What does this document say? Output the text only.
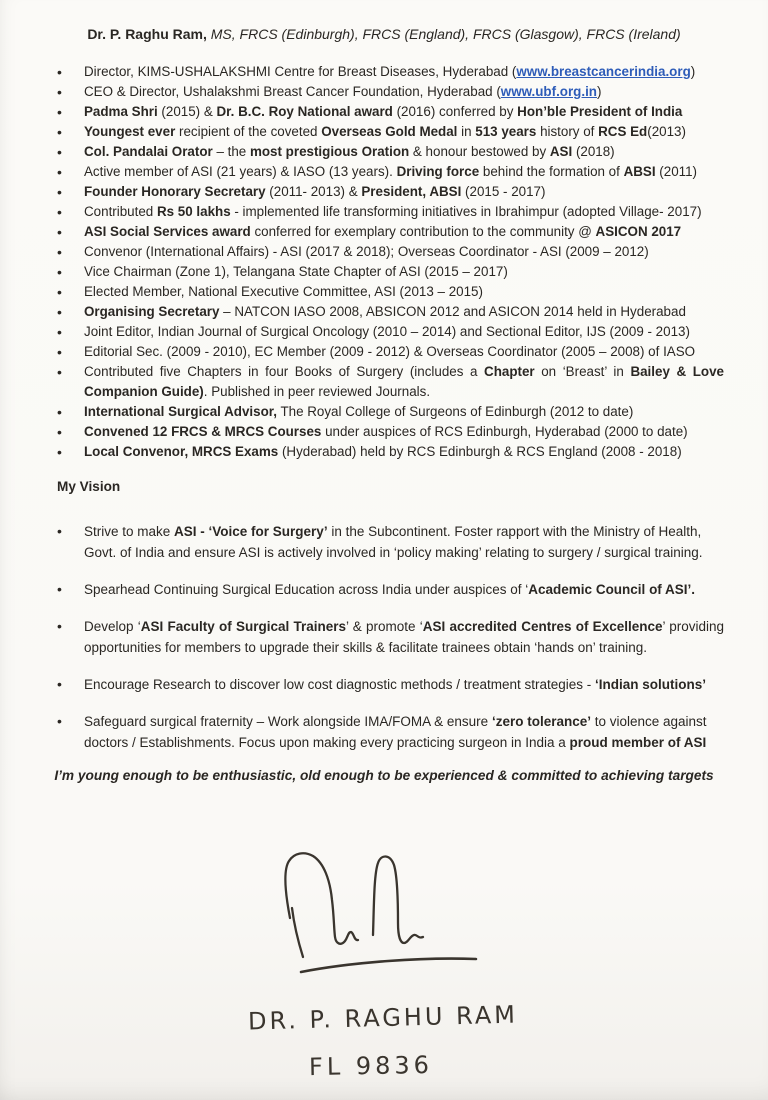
Dr. P. Raghu Ram, MS, FRCS (Edinburgh), FRCS (England), FRCS (Glasgow), FRCS (Ireland)
•	Director, KIMS-USHALAKSHMI Centre for Breast Diseases, Hyderabad (www.breastcancerindia.org)
•	CEO & Director, Ushalakshmi Breast Cancer Foundation, Hyderabad (www.ubf.org.in)
•	Padma Shri (2015) & Dr. B.C. Roy National award (2016) conferred by Hon’ble President of India
•	Youngest ever recipient of the coveted Overseas Gold Medal in 513 years history of RCS Ed(2013)
•	Col. Pandalai Orator – the most prestigious Oration & honour bestowed by ASI (2018)
•	Active member of ASI (21 years) & IASO (13 years). Driving force behind the formation of ABSI (2011)
•	Founder Honorary Secretary (2011- 2013) & President, ABSI (2015 - 2017)
•	Contributed Rs 50 lakhs - implemented life transforming initiatives in Ibrahimpur (adopted Village- 2017)
•	ASI Social Services award conferred for exemplary contribution to the community @ ASICON 2017
•	Convenor (International Affairs) - ASI (2017 & 2018); Overseas Coordinator - ASI (2009 – 2012)
•	Vice Chairman (Zone 1), Telangana State Chapter of ASI (2015 – 2017)
•	Elected Member, National Executive Committee, ASI (2013 – 2015)
•	Organising Secretary – NATCON IASO 2008, ABSICON 2012 and ASICON 2014 held in Hyderabad
•	Joint Editor, Indian Journal of Surgical Oncology (2010 – 2014) and Sectional Editor, IJS (2009 - 2013)
•	Editorial Sec. (2009 - 2010), EC Member (2009 - 2012) & Overseas Coordinator (2005 – 2008) of IASO
•	Contributed five Chapters in four Books of Surgery (includes a Chapter on ‘Breast’ in Bailey & Love Companion Guide). Published in peer reviewed Journals.
•	International Surgical Advisor, The Royal College of Surgeons of Edinburgh (2012 to date)
•	Convened 12 FRCS & MRCS Courses under auspices of RCS Edinburgh, Hyderabad (2000 to date)
•	Local Convenor, MRCS Exams (Hyderabad) held by RCS Edinburgh & RCS England (2008 - 2018)
My Vision
•	Strive to make ASI - ‘Voice for Surgery’ in the Subcontinent. Foster rapport with the Ministry of Health, Govt. of India and ensure ASI is actively involved in ‘policy making’ relating to surgery / surgical training.
•	Spearhead Continuing Surgical Education across India under auspices of ‘Academic Council of ASI’.
•	Develop ‘ASI Faculty of Surgical Trainers’ & promote ‘ASI accredited Centres of Excellence’ providing opportunities for members to upgrade their skills & facilitate trainees obtain ‘hands on’ training.
•	Encourage Research to discover low cost diagnostic methods / treatment strategies - ‘Indian solutions’
•	Safeguard surgical fraternity – Work alongside IMA/FOMA & ensure ‘zero tolerance’ to violence against doctors / Establishments. Focus upon making every practicing surgeon in India a proud member of ASI
I’m young enough to be enthusiastic, old enough to be experienced & committed to achieving targets
DR. P. RAGHU RAM
FL 9836
